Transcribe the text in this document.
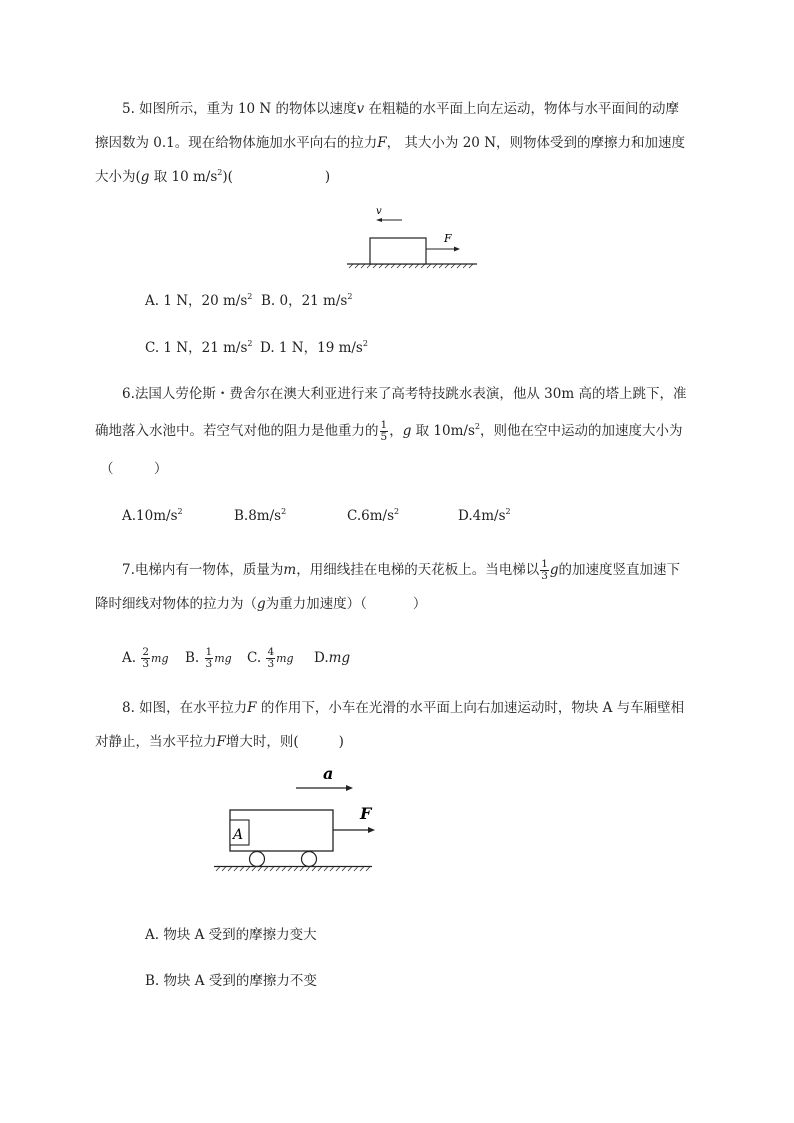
5. 如图所示，重为 10 N 的物体以速度v 在粗糙的水平面上向左运动，物体与水平面间的动摩
擦因数为 0.1。现在给物体施加水平向右的拉力F， 其大小为 20 N，则物体受到的摩擦力和加速度
大小为(g 取 10 $m/s^2$)(	)
F
v
A. 1 N，20 $m/s^2$ B. 0，21 $m/s^2$
C. 1 N，21 $m/s^2$ D. 1 N，19 $m/s^2$
6.法国人劳伦斯・费舍尔在澳大利亚进行来了高考特技跳水表演，他从 30m 高的塔上跳下，准
确地落入水池中。若空气对他的阻力是他重力的 $\frac{1}{5}$ ，g 取 $10m/s^2$，则他在空中运动的加速度大小为
（　　　）
$A.10m/s^2$	$B.8m/s^2$	$C.6m/s^2$	$D.4m/s^2$
7.电梯内有一物体，质量为m，用细线挂在电梯的天花板上。当电梯以 $\frac{1}{3}$ g的加速度竖直加速下
降时细线对物体的拉力为（g为重力加速度）（	）
A. $\frac{2}{3}$ mg B. $\frac{1}{3}$ mg C. $\frac{4}{3}$ mg D.mg
8. 如图，在水平拉力F 的作用下，小车在光滑的水平面上向右加速运动时，物块 A 与车厢壁相
对静止，当水平拉力F增大时，则(	)
a
A
F
A. 物块 A 受到的摩擦力变大
B. 物块 A 受到的摩擦力不变
